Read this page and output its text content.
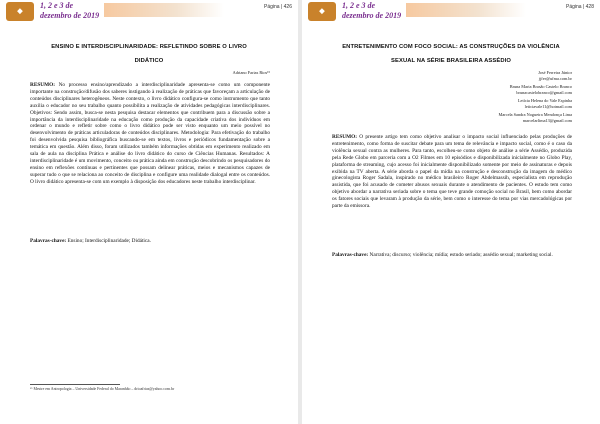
◆
1, 2 e 3 de
dezembro de 2019
Página | 426
ENSINO E INTERDISCIPLINARIDADE: REFLETINDO SOBRE O LIVRO
DIDÁTICO
Adriano Farias Rios¹⁵

RESUMO: No processo ensino/aprendizado a interdisciplinaridade apresenta-se como um componente importante na construção/difusão dos saberes instigando à realização de práticas que favoreçam a articulação de conteúdos disciplinares heterogêneos. Neste contexto, o livro didático configura-se como instrumento que tanto auxilia o educador no seu trabalho quanto possibilita a realização de atividades pedagógicas interdisciplinares. Objetivos: Sendo assim, busca-se nesta pesquisa destacar elementos que contribuem para a discussão sobre a importância da interdisciplinaridade na educação como produção da capacidade criativa dos indivíduos em ordenar o mundo e refletir sobre como o livro didático pode ser visto enquanto um meio possível no desenvolvimento de práticas articuladoras de conteúdos disciplinares. Metodologia: Para efetivação do trabalho foi desenvolvida pesquisa bibliográfica buscando-se em textos, livros e periódicos fundamentação sobre a temática em questão. Além disso, foram utilizados também informações obtidas em experimento realizado em sala de aula na disciplina Prática e análise do livro didático do curso de Ciências Humanas. Resultados: A interdisciplinaridade é um movimento, conceito ou prática ainda em construção descobrindo os pesquisadores do ensino em reflexões contínuas e pertinentes que possam delinear práticas, meios e mecanismos capazes de superar tudo o que se relaciona ao conceito de disciplina e configure uma realidade dialogal entre os conteúdos. O livro didático apresenta-se com um exemplo à disposição dos educadores neste trabalho interdisciplinar.

Palavras-chave: Ensino; Interdisciplinaridade; Didática.

¹⁵ Mestre em Antropologia – Universidade Federal do Maranhão – drioafrias@yahoo.com.br
◆
1, 2 e 3 de
dezembro de 2019
Página | 428
ENTRETENIMENTO COM FOCO SOCIAL: AS CONSTRUÇÕES DA VIOLÊNCIA
SEXUAL NA SÉRIE BRASILEIRA ASSÉDIO
José Ferreira Júnior
jjfer@ufma.com.br
Bruna Maria Brasão Castelo Branco
brunacastelobranco@gmail.com
Letícia Helena do Vale Espinha
leticiavale11@hotmail.com
Marcela Sandra Nogueira Mendonça Lima
marcelarlima13@gmail.com

RESUMO: O presente artigo tem como objetivo analisar o impacto social influenciado pelas produções de entretenimento, como forma de suscitar debate para um tema de relevância e impacto social, como é o caso da violência sexual contra as mulheres. Para tanto, escolheu-se como objeto de análise a série Assédio, produzida pela Rede Globo em parceria com a O2 Filmes em 10 episódios e disponibilizada inicialmente no Globo Play, plataforma de streaming, cujo acesso foi inicialmente disponibilizado somente por meio de assinaturas e depois exibida na TV aberta. A série aborda o papel da mídia na construção e desconstrução da imagem do médico ginecologista Roger Sadala, inspirado no médico brasileiro Roger Abdelmassih, especialista em reprodução assistida, que foi acusado de cometer abusos sexuais durante o atendimento de pacientes. O estudo tem como objetivo abordar a narrativa seriada sobre o tema que teve grande comoção social no Brasil, bem como abordar os fatores sociais que levaram à produção da série, bem como o interesse do tema por vias mercadológicas por parte da emissora.

Palavras-chave: Narrativa; discurso; violência; mídia; estudo seriado; assédio sexual; marketing social.
